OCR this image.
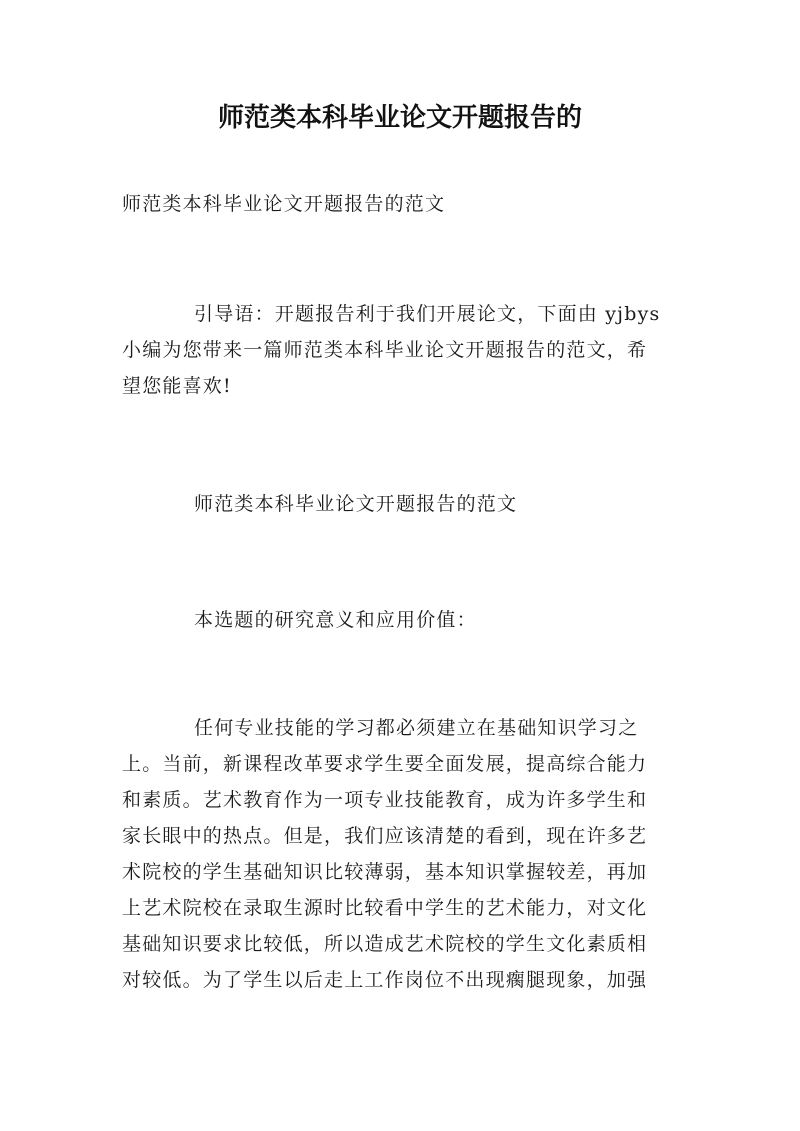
师范类本科毕业论文开题报告的

师范类本科毕业论文开题报告的范文

引导语：开题报告利于我们开展论文，下面由 yjbys
小编为您带来一篇师范类本科毕业论文开题报告的范文，希
望您能喜欢!

师范类本科毕业论文开题报告的范文

本选题的研究意义和应用价值：

任何专业技能的学习都必须建立在基础知识学习之
上。当前，新课程改革要求学生要全面发展，提高综合能力
和素质。艺术教育作为一项专业技能教育，成为许多学生和
家长眼中的热点。但是，我们应该清楚的看到，现在许多艺
术院校的学生基础知识比较薄弱，基本知识掌握较差，再加
上艺术院校在录取生源时比较看中学生的艺术能力，对文化
基础知识要求比较低，所以造成艺术院校的学生文化素质相
对较低。为了学生以后走上工作岗位不出现瘸腿现象，加强
